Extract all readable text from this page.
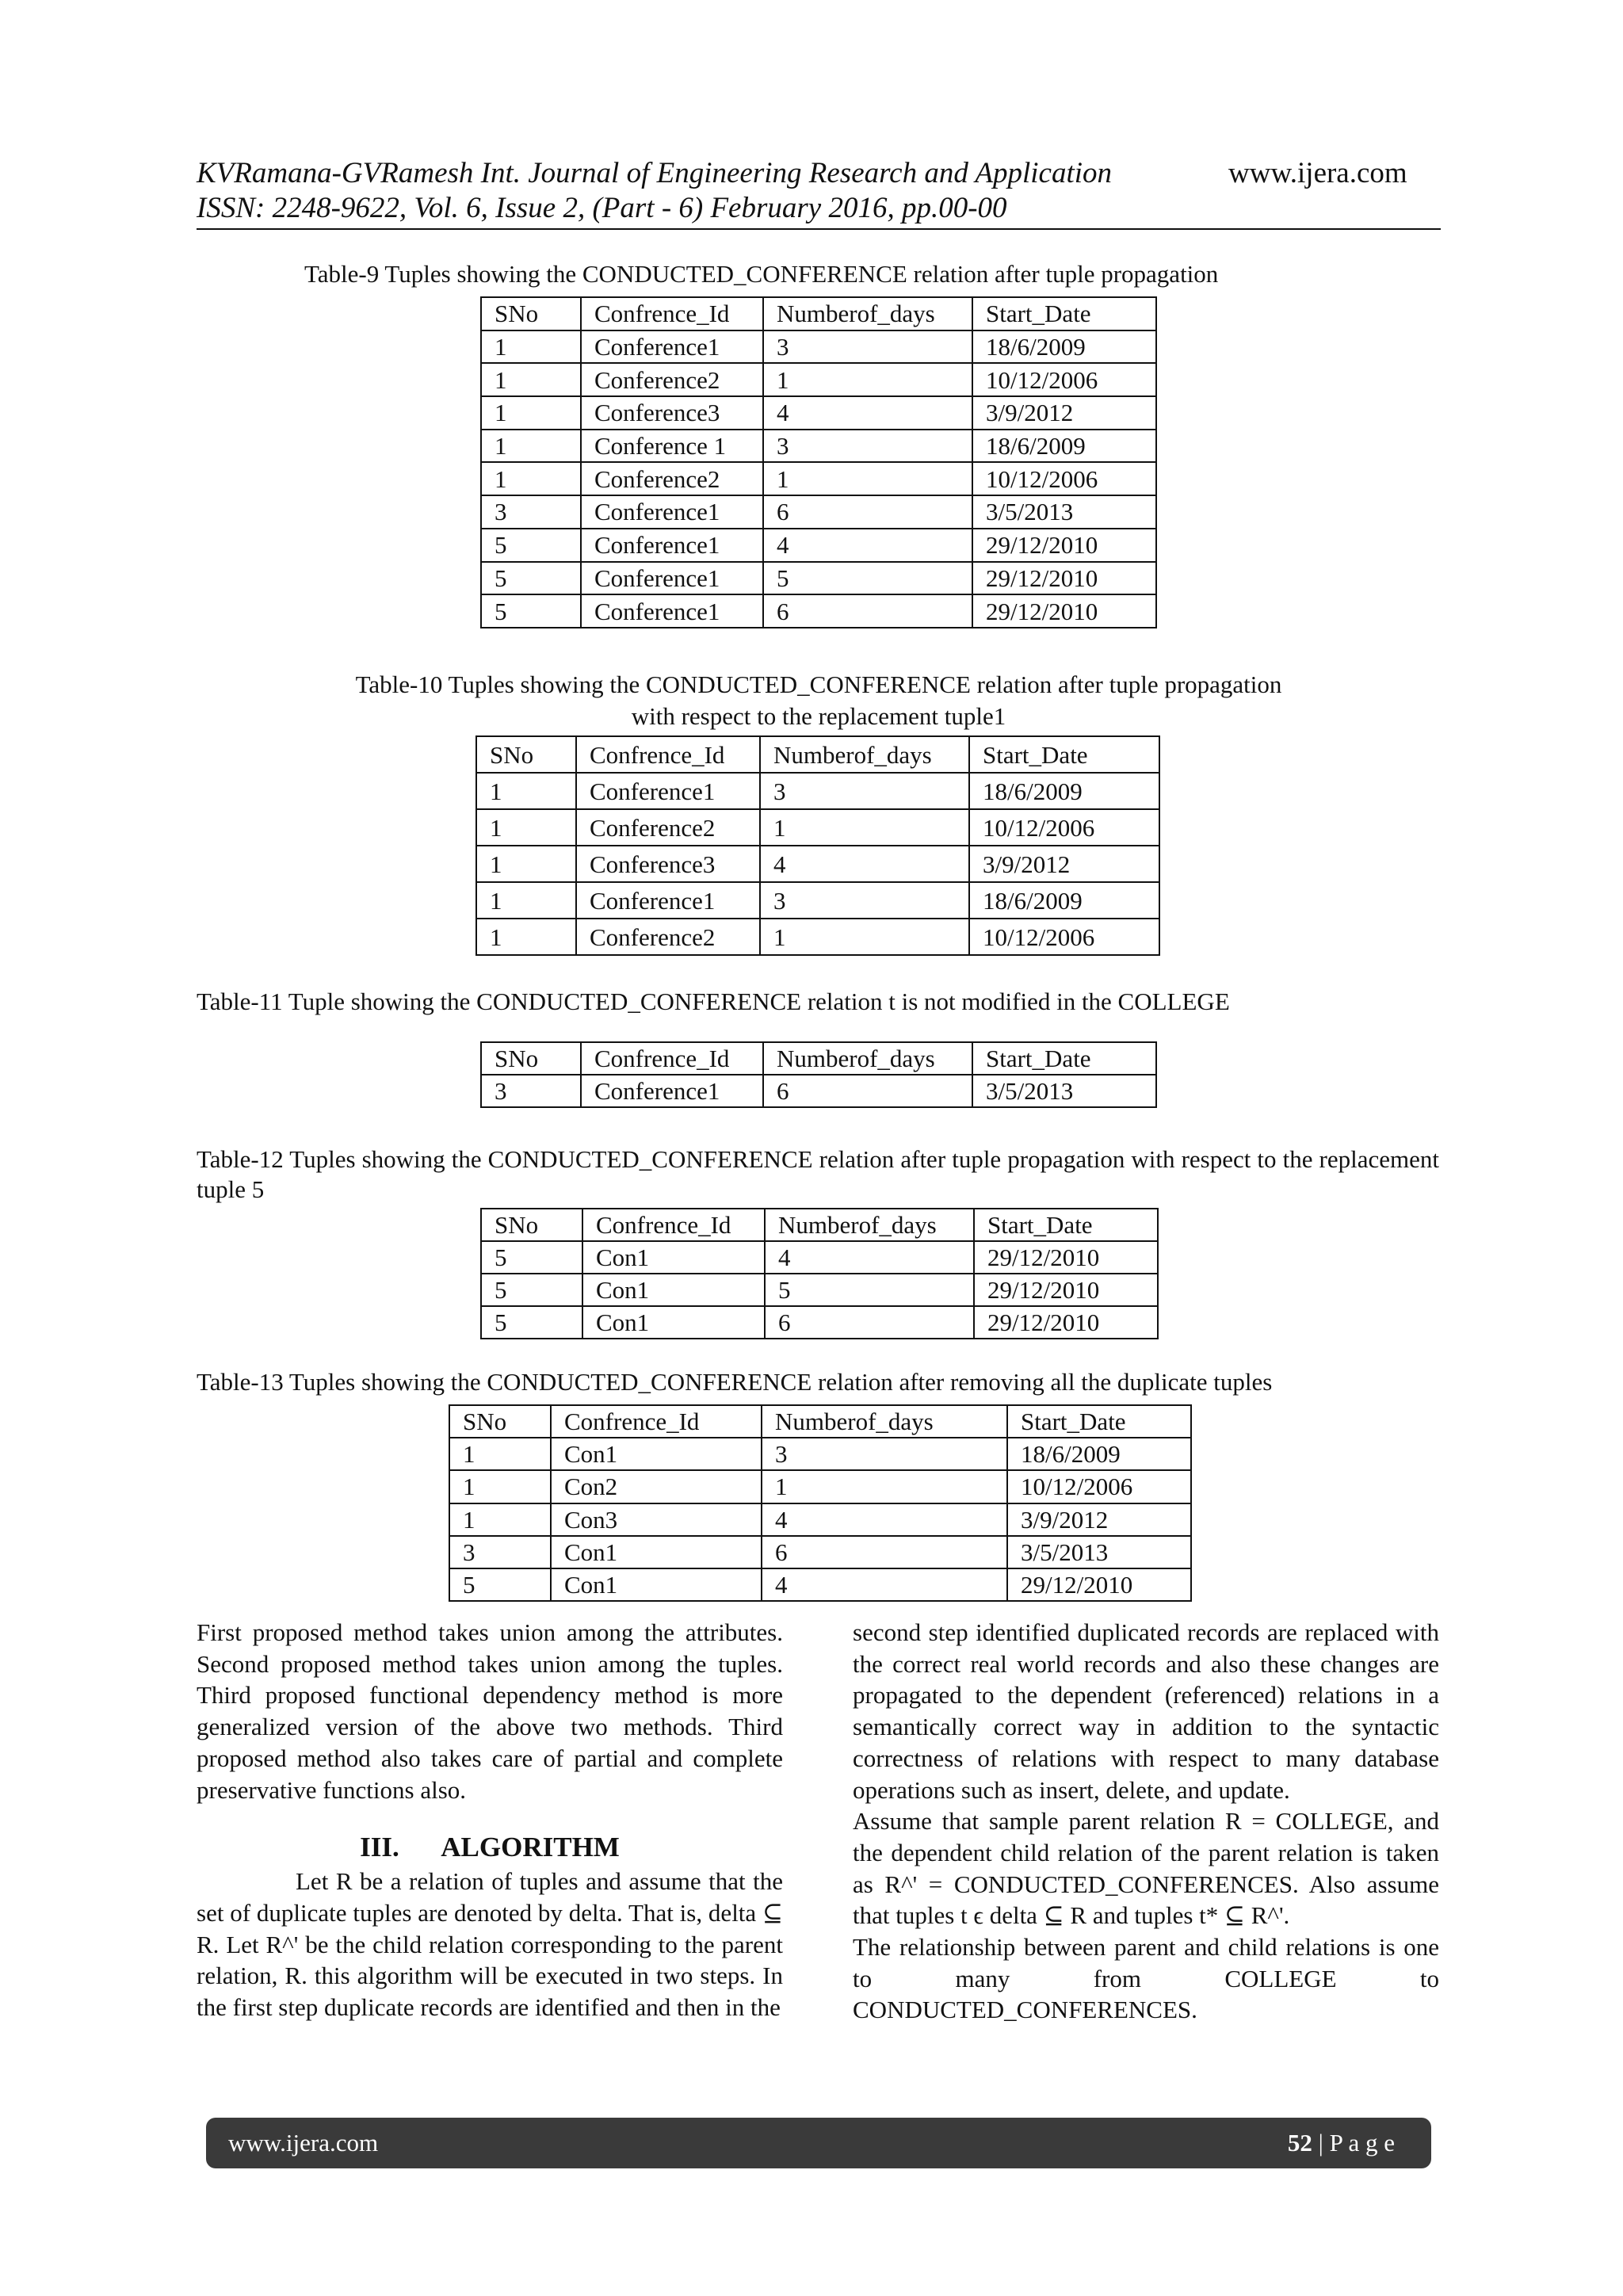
KVRamana-GVRamesh Int. Journal of Engineering Research and Application	www.ijera.com
ISSN: 2248-9622, Vol. 6, Issue 2, (Part - 6) February 2016, pp.00-00
Table-9 Tuples showing the CONDUCTED_CONFERENCE relation after tuple propagation
SNo	Confrence_Id	Numberof_days	Start_Date
1	Conference1	3	18/6/2009
1	Conference2	1	10/12/2006
1	Conference3	4	3/9/2012
1	Conference 1	3	18/6/2009
1	Conference2	1	10/12/2006
3	Conference1	6	3/5/2013
5	Conference1	4	29/12/2010
5	Conference1	5	29/12/2010
5	Conference1	6	29/12/2010
Table-10 Tuples showing the CONDUCTED_CONFERENCE relation after tuple propagation
with respect to the replacement tuple1
SNo	Confrence_Id	Numberof_days	Start_Date
1	Conference1	3	18/6/2009
1	Conference2	1	10/12/2006
1	Conference3	4	3/9/2012
1	Conference1	3	18/6/2009
1	Conference2	1	10/12/2006
Table-11 Tuple showing the CONDUCTED_CONFERENCE relation t is not modified in the COLLEGE
SNo	Confrence_Id	Numberof_days	Start_Date
3	Conference1	6	3/5/2013
Table-12 Tuples showing the CONDUCTED_CONFERENCE relation after tuple propagation with respect to the replacement tuple 5
SNo	Confrence_Id	Numberof_days	Start_Date
5	Con1	4	29/12/2010
5	Con1	5	29/12/2010
5	Con1	6	29/12/2010
Table-13 Tuples showing the CONDUCTED_CONFERENCE relation after removing all the duplicate tuples
SNo	Confrence_Id	Numberof_days	Start_Date
1	Con1	3	18/6/2009
1	Con2	1	10/12/2006
1	Con3	4	3/9/2012
3	Con1	6	3/5/2013
5	Con1	4	29/12/2010

First proposed method takes union among the attributes. Second proposed method takes union among the tuples. Third proposed functional dependency method is more generalized version of the above two methods. Third proposed method also takes care of partial and complete preservative functions also.

III. ALGORITHM

Let R be a relation of tuples and assume that the set of duplicate tuples are denoted by delta. That is, delta ⊆ R. Let R^' be the child relation corresponding to the parent relation, R. this algorithm will be executed in two steps. In the first step duplicate records are identified and then in the

second step identified duplicated records are replaced with the correct real world records and also these changes are propagated to the dependent (referenced) relations in a semantically correct way in addition to the syntactic correctness of relations with respect to many database operations such as insert, delete, and update.

Assume that sample parent relation R = COLLEGE, and the dependent child relation of the parent relation is taken as R^' = CONDUCTED_CONFERENCES. Also assume that tuples t ϵ delta ⊆ R and tuples t* ⊆ R^'.

The relationship between parent and child relations is one to many from COLLEGE to CONDUCTED_CONFERENCES.

www.ijera.com	52 | P a g e
